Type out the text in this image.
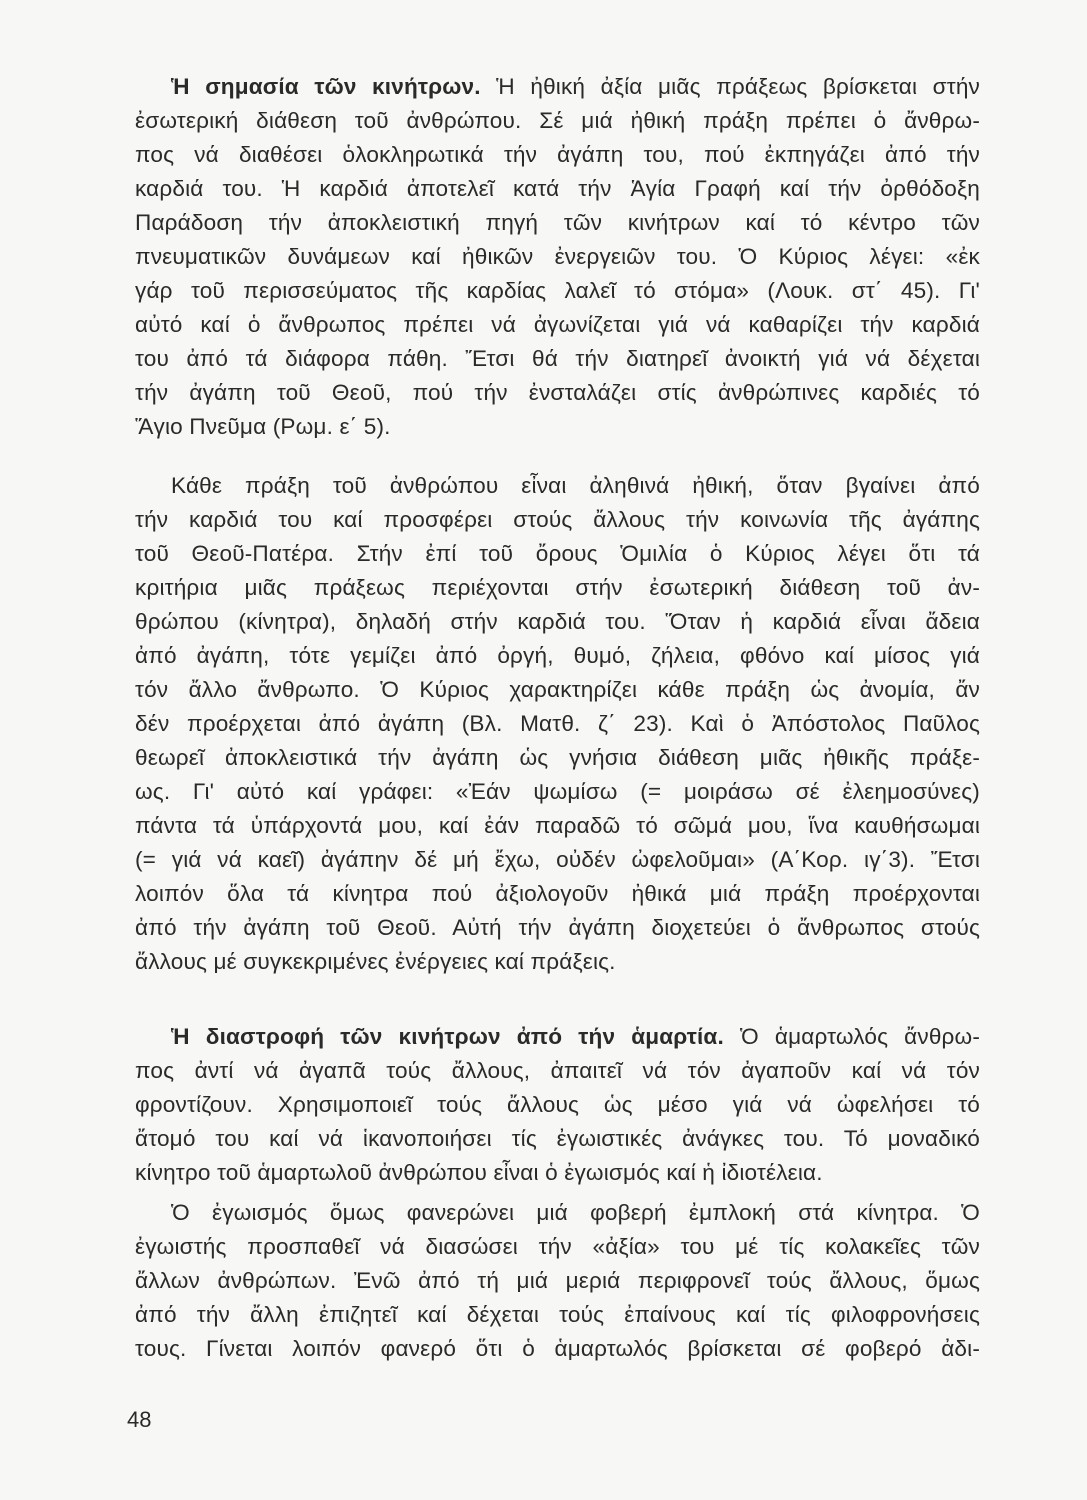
Ἡ σημασία τῶν κινήτρων. Ἡ ἠθική ἀξία μιᾶς πράξεως βρίσκεται στήν
ἐσωτερική διάθεση τοῦ ἀνθρώπου. Σέ μιά ἠθική πράξη πρέπει ὁ ἄνθρω-
πος νά διαθέσει ὁλοκληρωτικά τήν ἀγάπη του, πού ἐκπηγάζει ἀπό τήν
καρδιά του. Ἡ καρδιά ἀποτελεῖ κατά τήν Ἁγία Γραφή καί τήν ὀρθόδοξη
Παράδοση τήν ἀποκλειστική πηγή τῶν κινήτρων καί τό κέντρο τῶν
πνευματικῶν δυνάμεων καί ἠθικῶν ἐνεργειῶν του. Ὁ Κύριος λέγει: «ἐκ
γάρ τοῦ περισσεύματος τῆς καρδίας λαλεῖ τό στόμα» (Λουκ. στ΄ 45). Γι'
αὐτό καί ὁ ἄνθρωπος πρέπει νά ἀγωνίζεται γιά νά καθαρίζει τήν καρδιά
του ἀπό τά διάφορα πάθη. Ἔτσι θά τήν διατηρεῖ ἀνοικτή γιά νά δέχεται
τήν ἀγάπη τοῦ Θεοῦ, πού τήν ἐνσταλάζει στίς ἀνθρώπινες καρδιές τό
Ἅγιο Πνεῦμα (Ρωμ. ε΄ 5).
Κάθε πράξη τοῦ ἀνθρώπου εἶναι ἀληθινά ἠθική, ὅταν βγαίνει ἀπό
τήν καρδιά του καί προσφέρει στούς ἄλλους τήν κοινωνία τῆς ἀγάπης
τοῦ Θεοῦ-Πατέρα. Στήν ἐπί τοῦ ὄρους Ὁμιλία ὁ Κύριος λέγει ὅτι τά
κριτήρια μιᾶς πράξεως περιέχονται στήν ἐσωτερική διάθεση τοῦ ἀν-
θρώπου (κίνητρα), δηλαδή στήν καρδιά του. Ὅταν ἡ καρδιά εἶναι ἄδεια
ἀπό ἀγάπη, τότε γεμίζει ἀπό ὀργή, θυμό, ζήλεια, φθόνο καί μίσος γιά
τόν ἄλλο ἄνθρωπο. Ὁ Κύριος χαρακτηρίζει κάθε πράξη ὡς ἀνομία, ἄν
δέν προέρχεται ἀπό ἀγάπη (Βλ. Ματθ. ζ΄ 23). Καὶ ὁ Ἀπόστολος Παῦλος
θεωρεῖ ἀποκλειστικά τήν ἀγάπη ὡς γνήσια διάθεση μιᾶς ἠθικῆς πράξε-
ως. Γι' αὐτό καί γράφει: «Ἐάν ψωμίσω (= μοιράσω σέ ἐλεημοσύνες)
πάντα τά ὑπάρχοντά μου, καί ἐάν παραδῶ τό σῶμά μου, ἵνα καυθήσωμαι
(= γιά νά καεῖ) ἀγάπην δέ μή ἔχω, οὐδέν ὠφελοῦμαι» (Α΄Κορ. ιγ΄3). Ἔτσι
λοιπόν ὅλα τά κίνητρα πού ἀξιολογοῦν ἠθικά μιά πράξη προέρχονται
ἀπό τήν ἀγάπη τοῦ Θεοῦ. Αὐτή τήν ἀγάπη διοχετεύει ὁ ἄνθρωπος στούς
ἄλλους μέ συγκεκριμένες ἐνέργειες καί πράξεις.
Ἡ διαστροφή τῶν κινήτρων ἀπό τήν ἁμαρτία. Ὁ ἁμαρτωλός ἄνθρω-
πος ἀντί νά ἀγαπᾶ τούς ἄλλους, ἀπαιτεῖ νά τόν ἀγαποῦν καί νά τόν
φροντίζουν. Χρησιμοποιεῖ τούς ἄλλους ὡς μέσο γιά νά ὠφελήσει τό
ἄτομό του καί νά ἱκανοποιήσει τίς ἐγωιστικές ἀνάγκες του. Τό μοναδικό
κίνητρο τοῦ ἁμαρτωλοῦ ἀνθρώπου εἶναι ὁ ἐγωισμός καί ἡ ἰδιοτέλεια.
Ὁ ἐγωισμός ὅμως φανερώνει μιά φοβερή ἐμπλοκή στά κίνητρα. Ὁ
ἐγωιστής προσπαθεῖ νά διασώσει τήν «ἀξία» του μέ τίς κολακεῖες τῶν
ἄλλων ἀνθρώπων. Ἐνῶ ἀπό τή μιά μεριά περιφρονεῖ τούς ἄλλους, ὅμως
ἀπό τήν ἄλλη ἐπιζητεῖ καί δέχεται τούς ἐπαίνους καί τίς φιλοφρονήσεις
τους. Γίνεται λοιπόν φανερό ὅτι ὁ ἁμαρτωλός βρίσκεται σέ φοβερό ἀδι-
48
